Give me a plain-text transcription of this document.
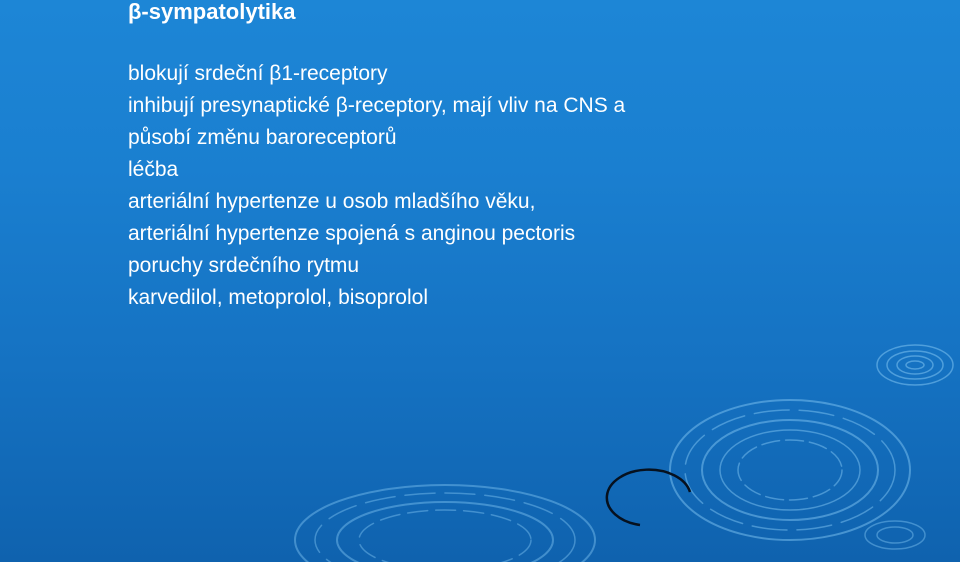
β-sympatolytika
blokují srdeční β1-receptory
inhibují presynaptické β-receptory, mají vliv na CNS a
působí změnu baroreceptorů
léčba
arteriální hypertenze u osob mladšího věku,
arteriální hypertenze spojená s anginou pectoris
poruchy srdečního rytmu
karvedilol, metoprolol, bisoprolol
